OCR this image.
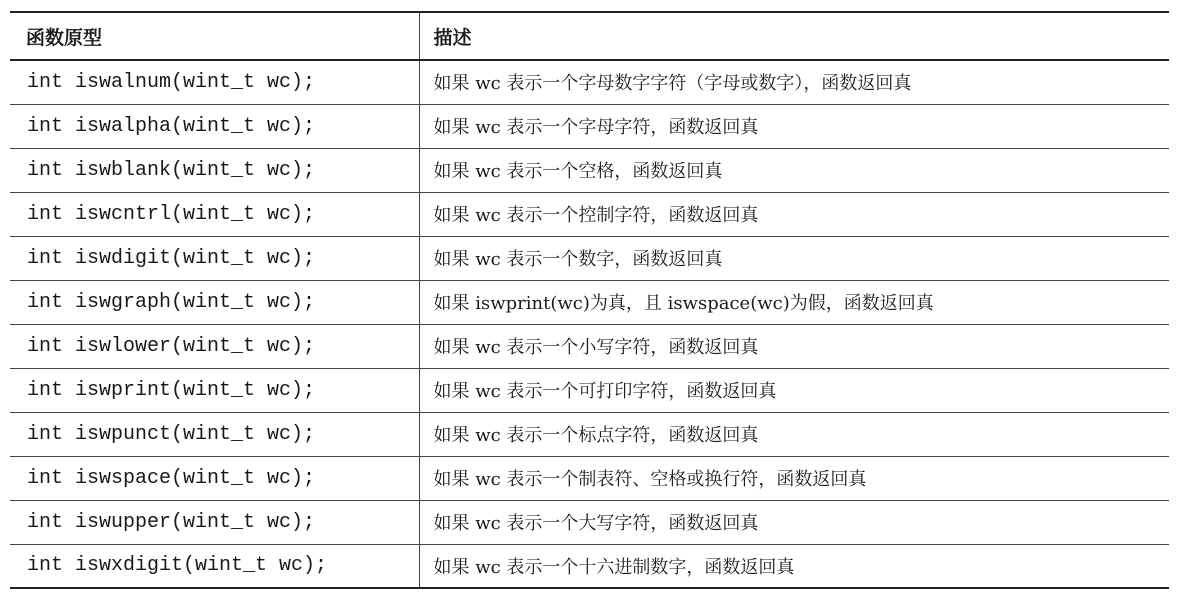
函数原型	描述
int iswalnum(wint_t wc);	如果 wc 表示一个字母数字字符（字母或数字），函数返回真
int iswalpha(wint_t wc);	如果 wc 表示一个字母字符，函数返回真
int iswblank(wint_t wc);	如果 wc 表示一个空格，函数返回真
int iswcntrl(wint_t wc);	如果 wc 表示一个控制字符，函数返回真
int iswdigit(wint_t wc);	如果 wc 表示一个数字，函数返回真
int iswgraph(wint_t wc);	如果 iswprint(wc)为真，且 iswspace(wc)为假，函数返回真
int iswlower(wint_t wc);	如果 wc 表示一个小写字符，函数返回真
int iswprint(wint_t wc);	如果 wc 表示一个可打印字符，函数返回真
int iswpunct(wint_t wc);	如果 wc 表示一个标点字符，函数返回真
int iswspace(wint_t wc);	如果 wc 表示一个制表符、空格或换行符，函数返回真
int iswupper(wint_t wc);	如果 wc 表示一个大写字符，函数返回真
int iswxdigit(wint_t wc);	如果 wc 表示一个十六进制数字，函数返回真
